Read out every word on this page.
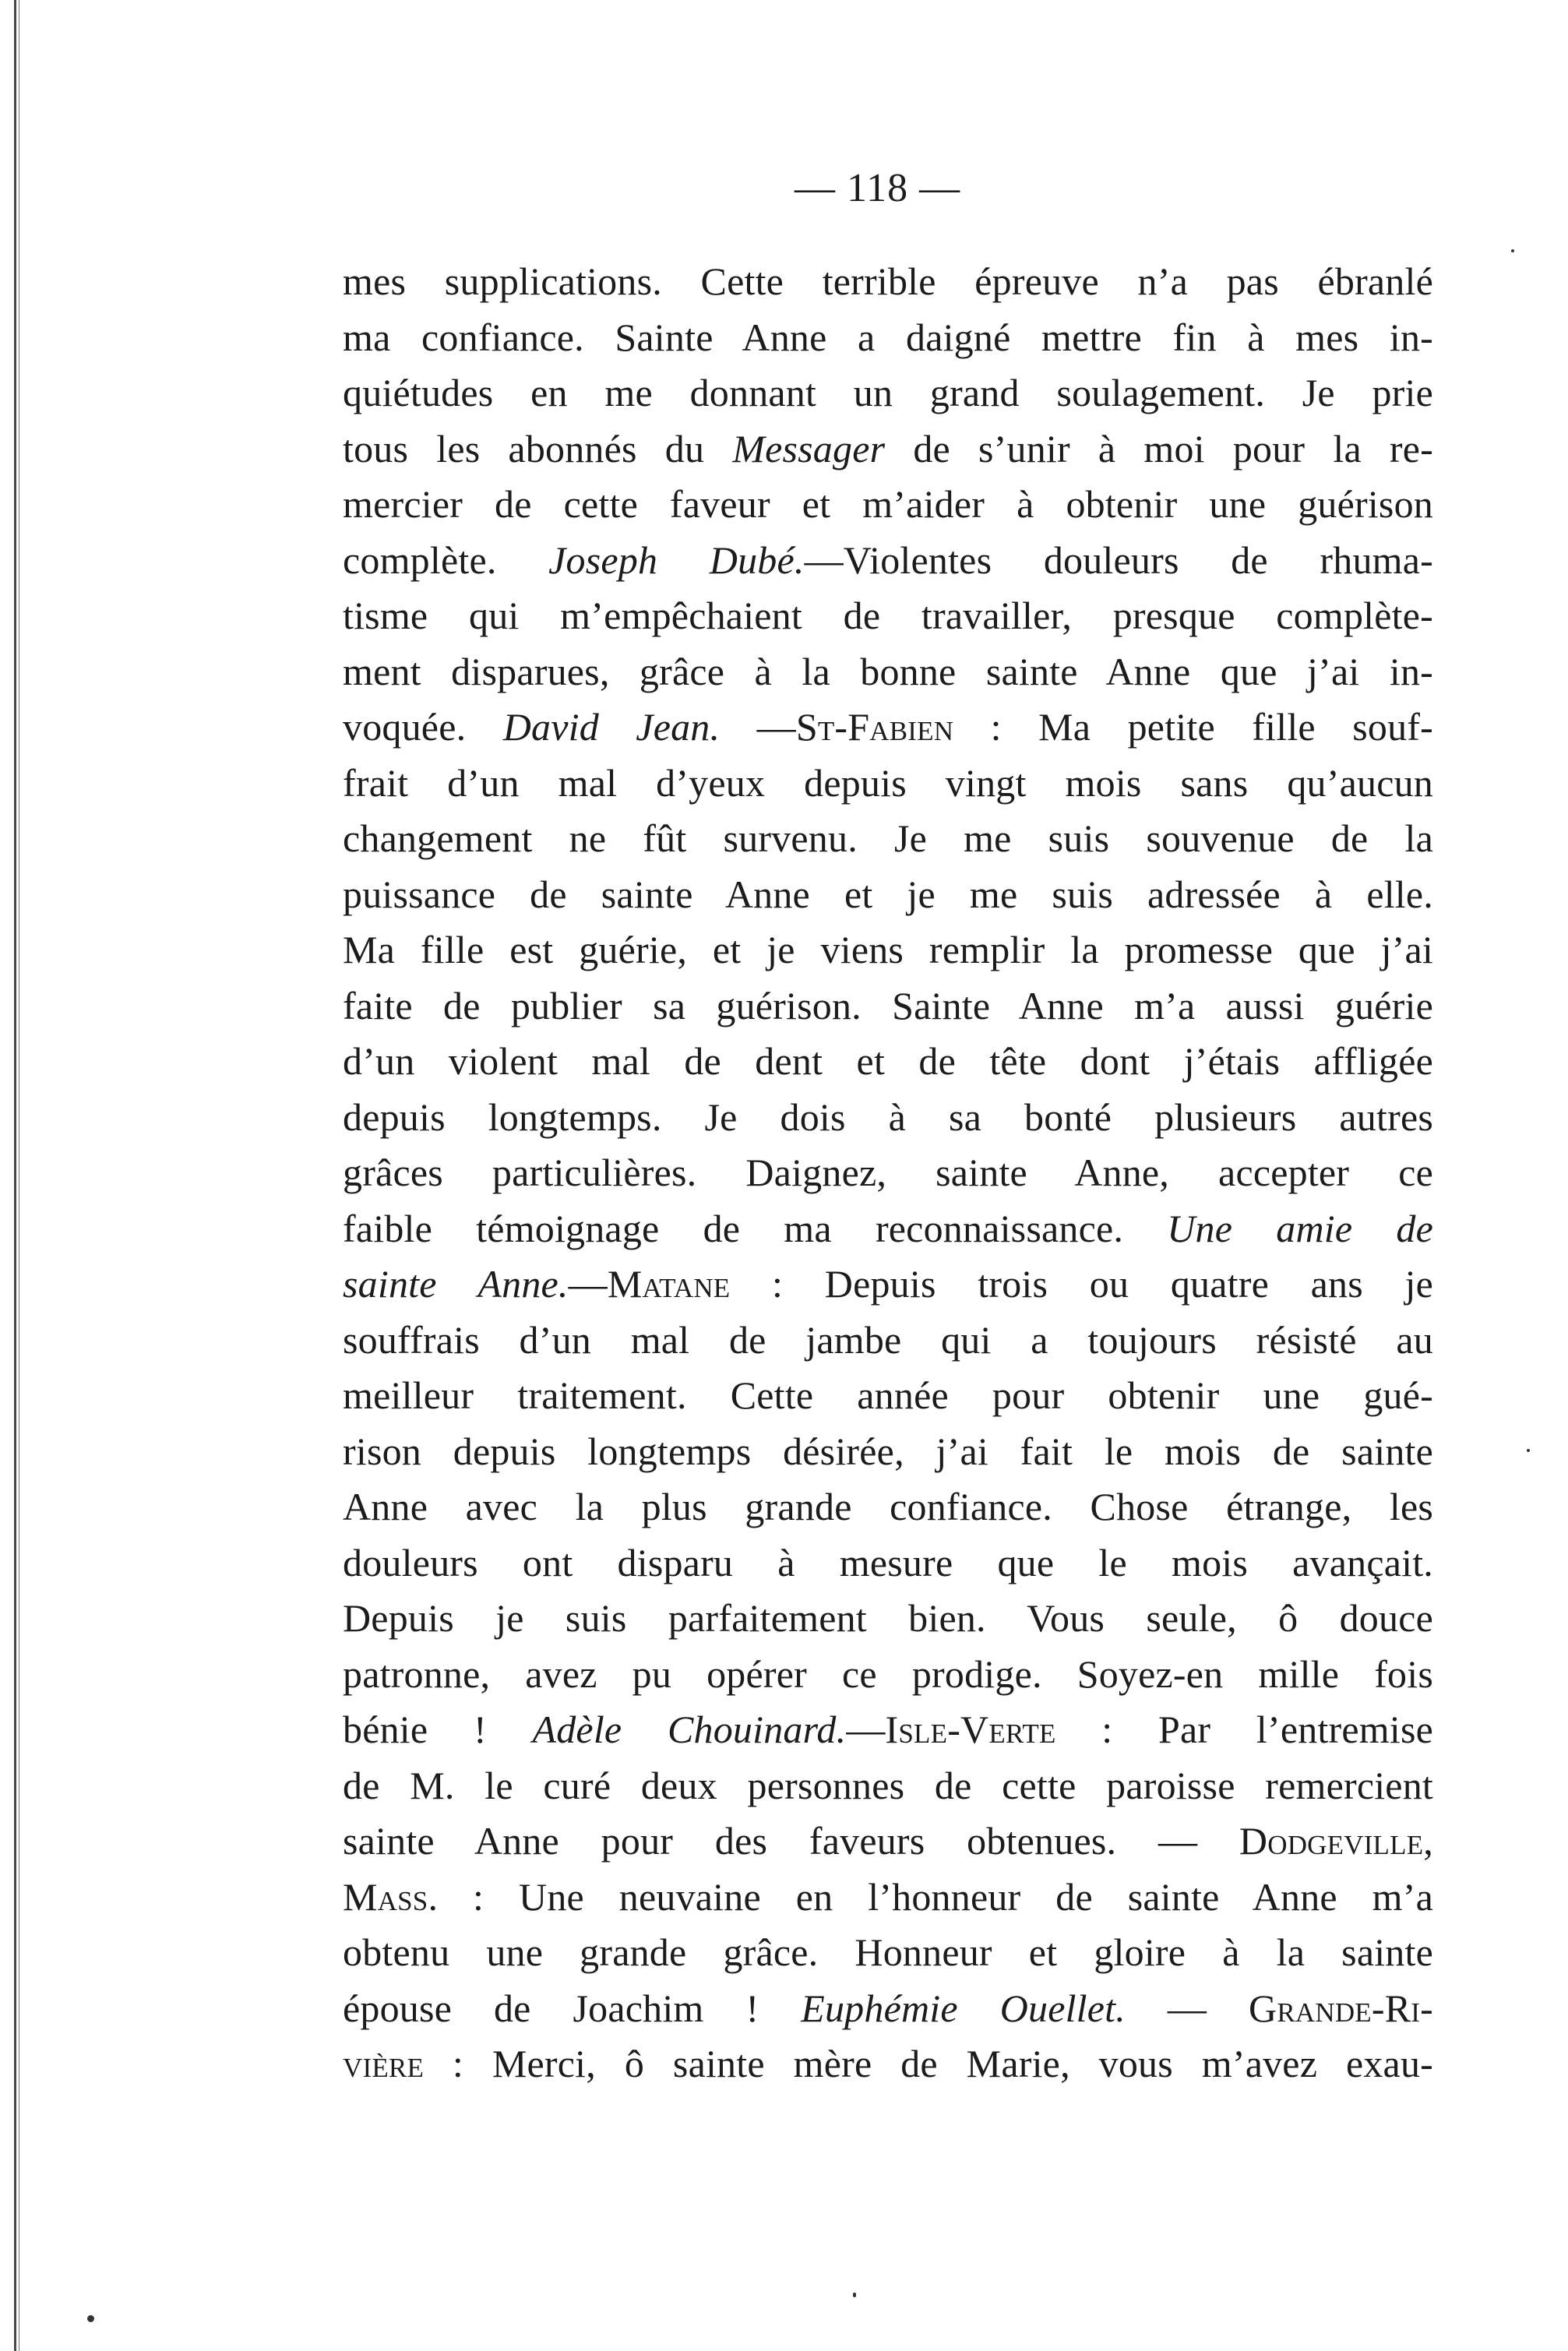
— 118 —
mes supplications. Cette terrible épreuve n’a pas ébranlé
ma confiance. Sainte Anne a daigné mettre fin à mes in-
quiétudes en me donnant un grand soulagement. Je prie
tous les abonnés du Messager de s’unir à moi pour la re-
mercier de cette faveur et m’aider à obtenir une guérison
complète. Joseph Dubé.—Violentes douleurs de rhuma-
tisme qui m’empêchaient de travailler, presque complète-
ment disparues, grâce à la bonne sainte Anne que j’ai in-
voquée. David Jean. —St-Fabien : Ma petite fille souf-
frait d’un mal d’yeux depuis vingt mois sans qu’aucun
changement ne fût survenu. Je me suis souvenue de la
puissance de sainte Anne et je me suis adressée à elle.
Ma fille est guérie, et je viens remplir la promesse que j’ai
faite de publier sa guérison. Sainte Anne m’a aussi guérie
d’un violent mal de dent et de tête dont j’étais affligée
depuis longtemps. Je dois à sa bonté plusieurs autres
grâces particulières. Daignez, sainte Anne, accepter ce
faible témoignage de ma reconnaissance. Une amie de
sainte Anne.—Matane : Depuis trois ou quatre ans je
souffrais d’un mal de jambe qui a toujours résisté au
meilleur traitement. Cette année pour obtenir une gué-
rison depuis longtemps désirée, j’ai fait le mois de sainte
Anne avec la plus grande confiance. Chose étrange, les
douleurs ont disparu à mesure que le mois avançait.
Depuis je suis parfaitement bien. Vous seule, ô douce
patronne, avez pu opérer ce prodige. Soyez-en mille fois
bénie ! Adèle Chouinard.—Isle-Verte : Par l’entremise
de M. le curé deux personnes de cette paroisse remercient
sainte Anne pour des faveurs obtenues. — Dodgeville,
Mass. : Une neuvaine en l’honneur de sainte Anne m’a
obtenu une grande grâce. Honneur et gloire à la sainte
épouse de Joachim ! Euphémie Ouellet. — Grande-Ri-
vière : Merci, ô sainte mère de Marie, vous m’avez exau-
